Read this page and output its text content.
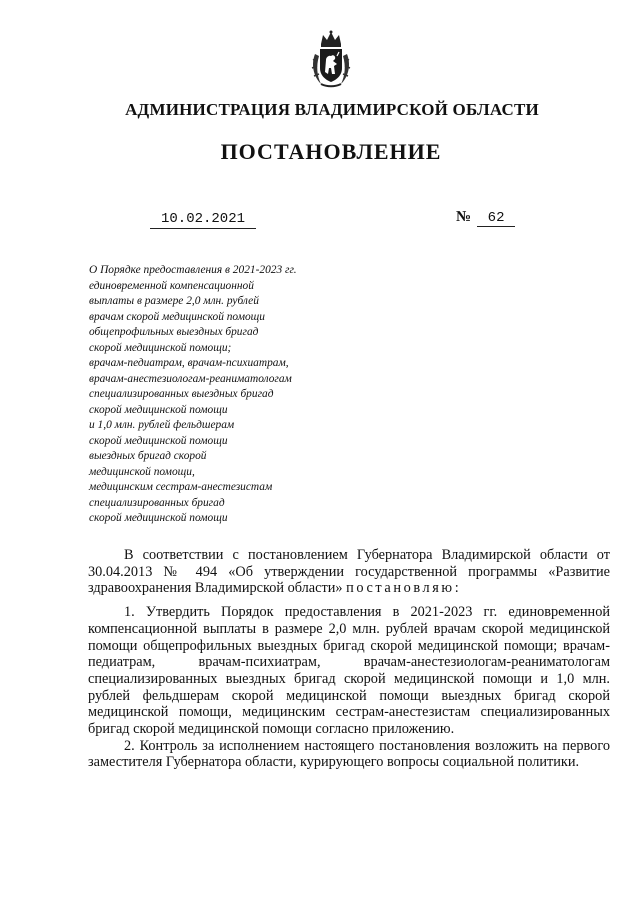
АДМИНИСТРАЦИЯ ВЛАДИМИРСКОЙ ОБЛАСТИ
ПОСТАНОВЛЕНИЕ
10.02.2021	№ 62
О Порядке предоставления в 2021-2023 гг.
единовременной компенсационной
выплаты в размере 2,0 млн. рублей
врачам скорой медицинской помощи
общепрофильных выездных бригад
скорой медицинской помощи;
врачам-педиатрам, врачам-психиатрам,
врачам-анестезиологам-реаниматологам
специализированных выездных бригад
скорой медицинской помощи
и 1,0 млн. рублей фельдшерам
скорой медицинской помощи
выездных бригад скорой
медицинской помощи,
медицинским сестрам-анестезистам
специализированных бригад
скорой медицинской помощи
В соответствии с постановлением Губернатора Владимирской области от 30.04.2013 № 494 «Об утверждении государственной программы «Развитие здравоохранения Владимирской области» постановляю:
1. Утвердить Порядок предоставления в 2021-2023 гг. единовременной компенсационной выплаты в размере 2,0 млн. рублей врачам скорой медицинской помощи общепрофильных выездных бригад скорой медицинской помощи; врачам-педиатрам, врачам-психиатрам, врачам-анестезиологам-реаниматологам специализированных выездных бригад скорой медицинской помощи и 1,0 млн. рублей фельдшерам скорой медицинской помощи выездных бригад скорой медицинской помощи, медицинским сестрам-анестезистам специализированных бригад скорой медицинской помощи согласно приложению.
2. Контроль за исполнением настоящего постановления возложить на первого заместителя Губернатора области, курирующего вопросы социальной политики.
